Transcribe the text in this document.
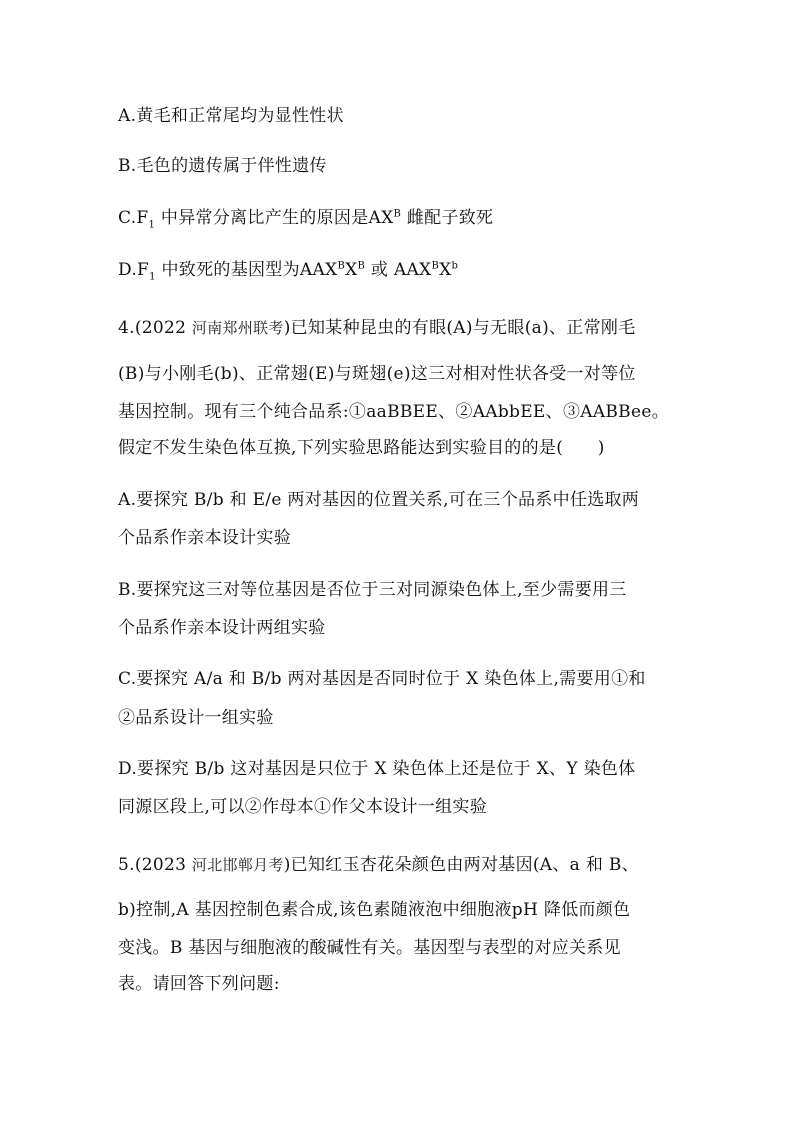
A.黄毛和正常尾均为显性性状
B.毛色的遗传属于伴性遗传
$C.F_1$ 中异常分离比产生的原因是$AX^B$ 雌配子致死
$D.F_1$ 中致死的基因型为$AAX^BX^B$ 或 $AAX^BX^b$
4.(2022 河南郑州联考)已知某种昆虫的有眼(A)与无眼(a)、正常刚毛
(B)与小刚毛(b)、正常翅(E)与斑翅(e)这三对相对性状各受一对等位
基因控制。现有三个纯合品系:①aaBBEE、②AAbbEE、③AABBee。
假定不发生染色体互换,下列实验思路能达到实验目的的是(　　)
A.要探究 B/b 和 E/e 两对基因的位置关系,可在三个品系中任选取两
个品系作亲本设计实验
B.要探究这三对等位基因是否位于三对同源染色体上,至少需要用三
个品系作亲本设计两组实验
C.要探究 A/a 和 B/b 两对基因是否同时位于 X 染色体上,需要用①和
②品系设计一组实验
D.要探究 B/b 这对基因是只位于 X 染色体上还是位于 X、Y 染色体
同源区段上,可以②作母本①作父本设计一组实验
5.(2023 河北邯郸月考)已知红玉杏花朵颜色由两对基因(A、a 和 B、
b)控制,A 基因控制色素合成,该色素随液泡中细胞液pH 降低而颜色
变浅。B 基因与细胞液的酸碱性有关。基因型与表型的对应关系见
表。请回答下列问题:
